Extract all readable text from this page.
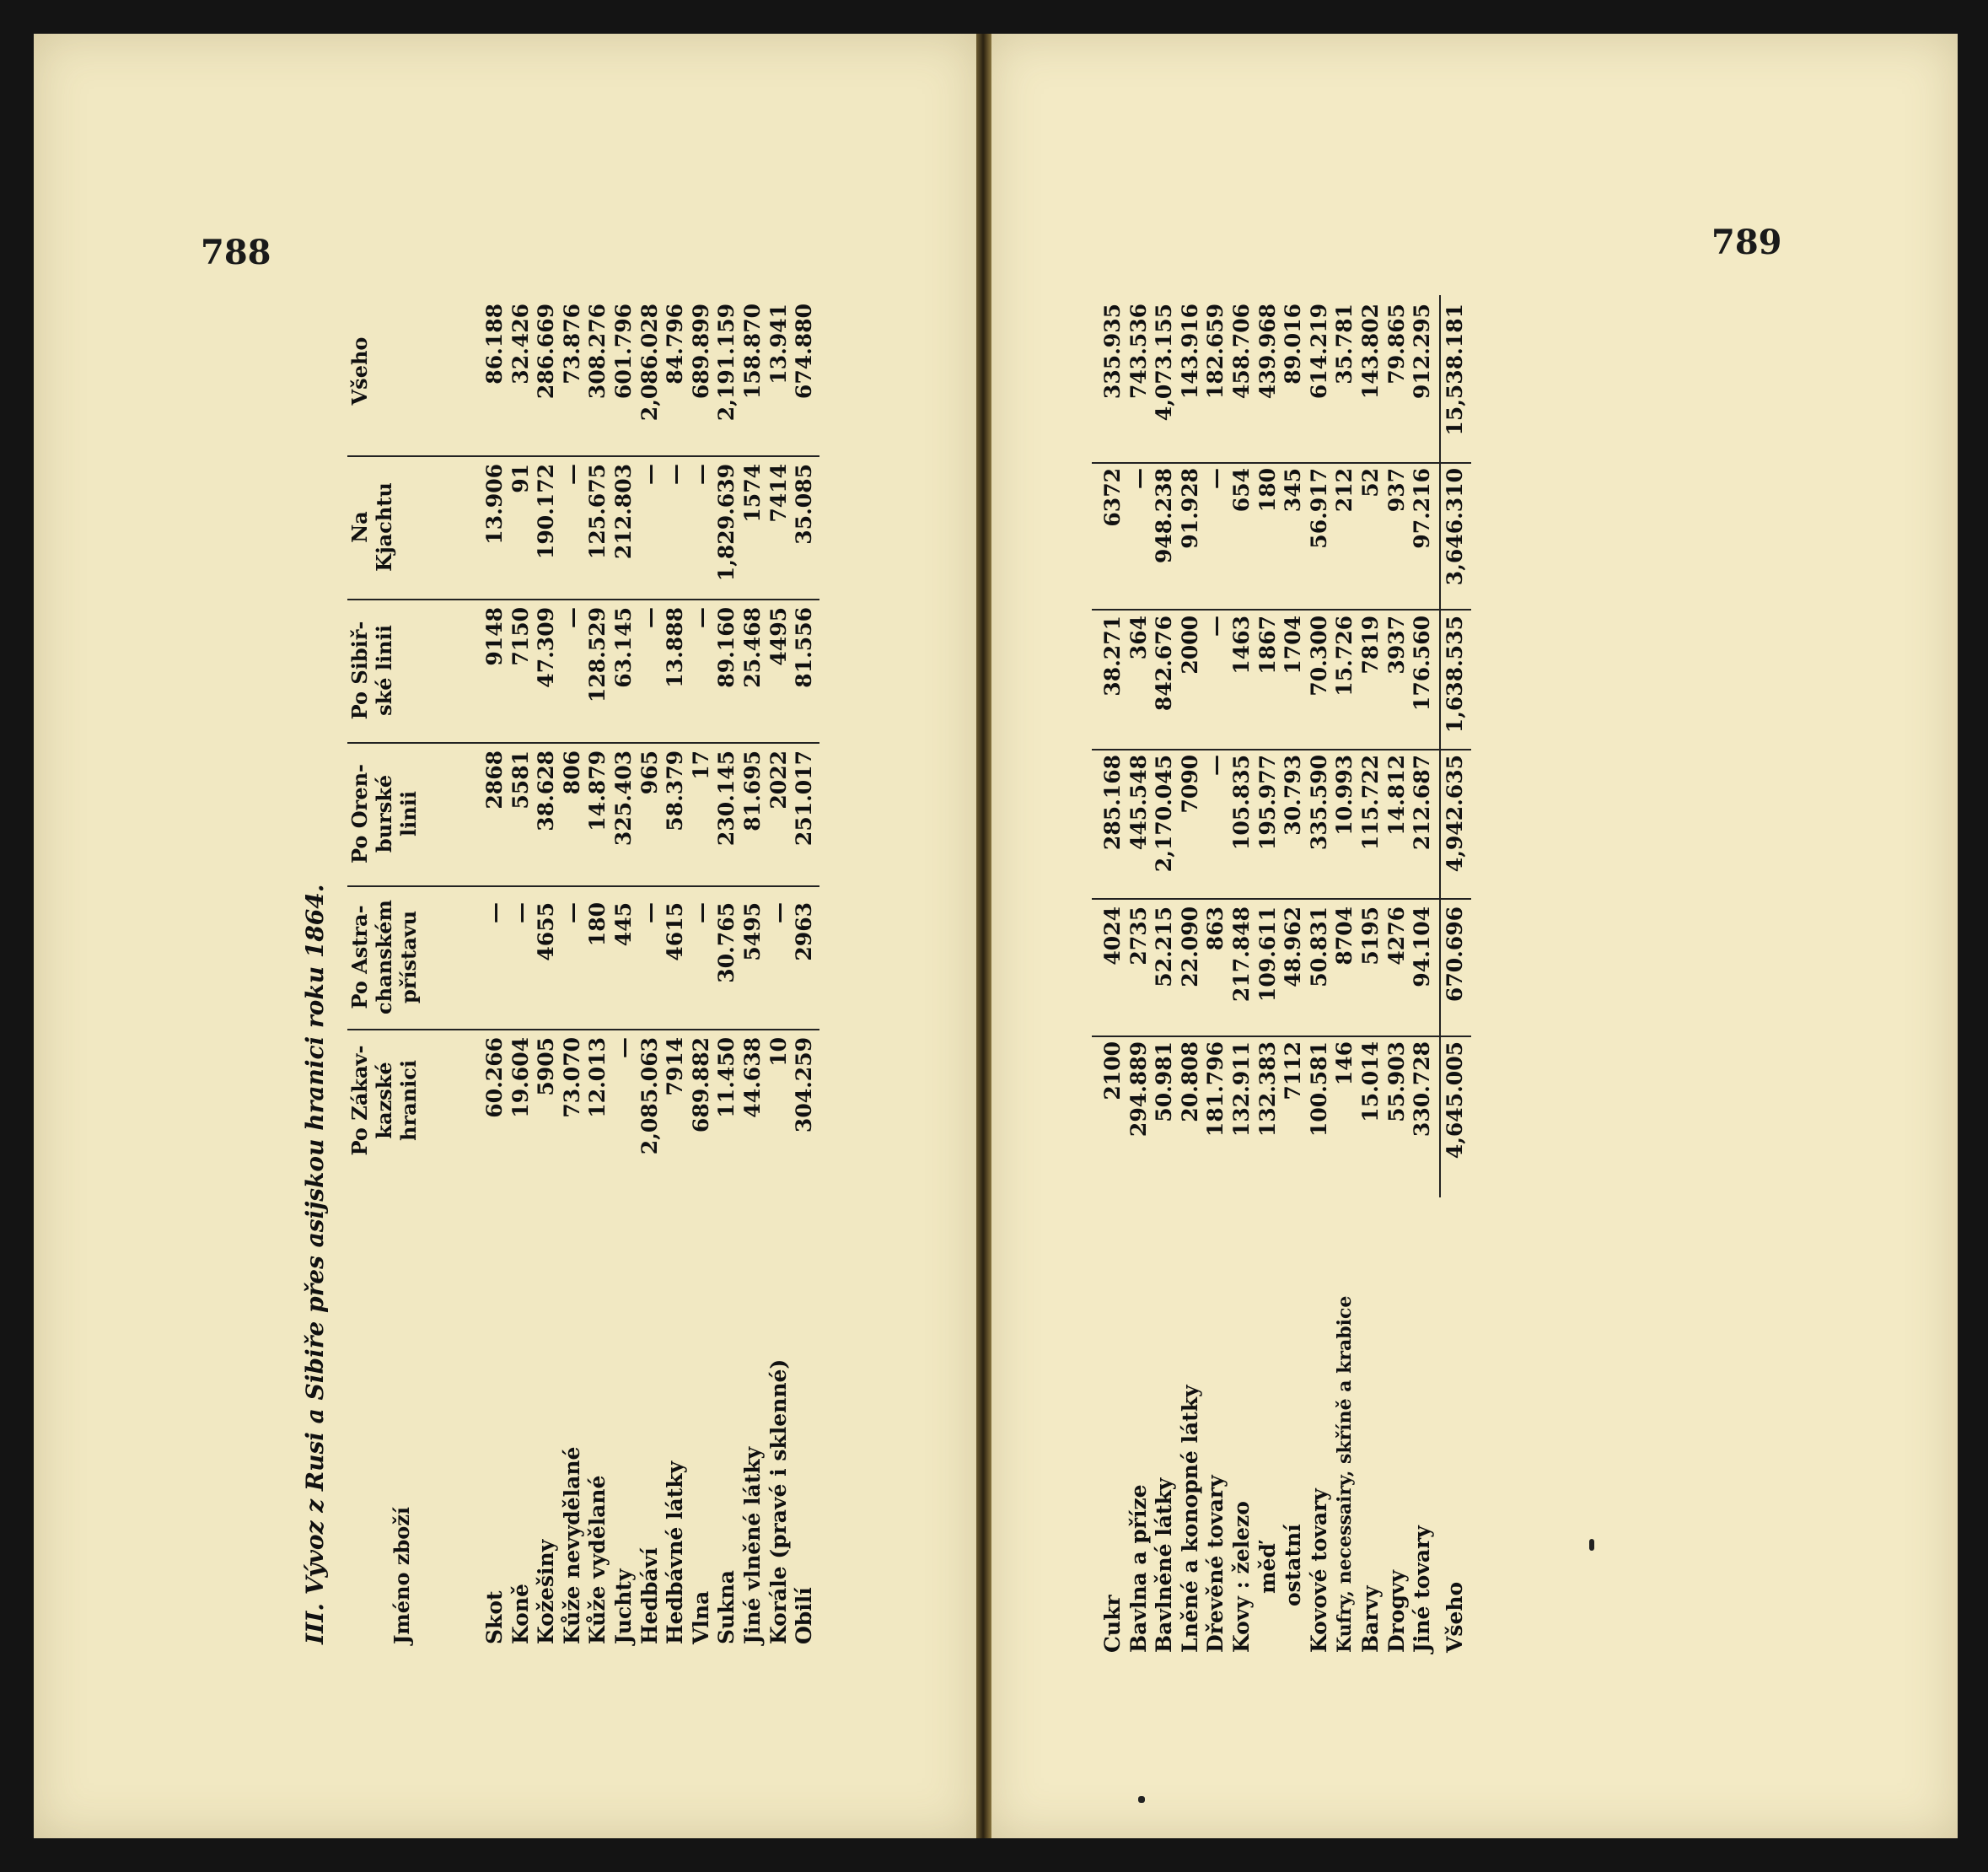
788	789
III. Vývoz z Rusi a Sibiře přes asijskou hranici roku 1864.	Jméno zboží
Po Zákav-
kazské
hranici
Po Astra-
chanském
přístavu
Po Oren-
burské
linii
Po Sibiř-
ské linii
Na
Kjachtu
Všeho
Skot
60.266
—
2868
9148
13.906
86.188
Koně
19.604
—
5581
7150
91
32.426
Kožešiny
5905
4655
38.628
47.309
190.172
286.669
Kůže nevydělané
73.070
—
806
—
—
73.876
Kůže vydělané
12.013
180
14.879
128.529
125.675
308.276
Juchty
—
445
325.403
63.145
212.803
601.796
Hedbáví
2,085.063
—
965
—
—
2,086.028
Hedbávné látky
7914
4615
58.379
13.888
—
84.796
Vlna
689.882
—
17
—
—
689.899
Sukna
11.450
30.765
230.145
89.160
1,829.639
2,191.159
Jiné vlněné látky
44.638
5495
81.695
25.468
1574
158.870
Korále (pravé i sklenné)
10
—
2022
4495
7414
13.941
Obilí
304.259
2963
251.017
81.556
35.085
674.880
Cukr
2100
4024
285.168
38.271
6372
335.935
Bavlna a příze
294.889
2735
445.548
364
—
743.536
Bavlněné látky
50.981
52.215
2,170.045
842.676
948.238
4,073.155
Lněné a konopné látky
20.808
22.090
7090
2000
91.928
143.916
Dřevěné tovary
181.796
863
—
—
—
182.659
Kovy : železo
132.911
217.848
105.835
1463
654
458.706
měď
132.383
109.611
195.977
1867
180
439.968
ostatní
7112
48.962
30.793
1704
345
89.016
Kovové tovary
100.581
50.831
335.590
70.300
56.917
614.219
Kufry, necessairy, skříně a krabice
146
8704
10.993
15.726
212
35.781
Barvy
15.014
5195
115.722
7819
52
143.802
Drogvy
55.903
4276
14.812
3937
937
79.865
Jiné tovary
330.728
94.104
212.687
176.560
97.216
912.295
Všeho
4,645.005
670.696
4,942.635
1,638.535
3,646.310
15,538.181
